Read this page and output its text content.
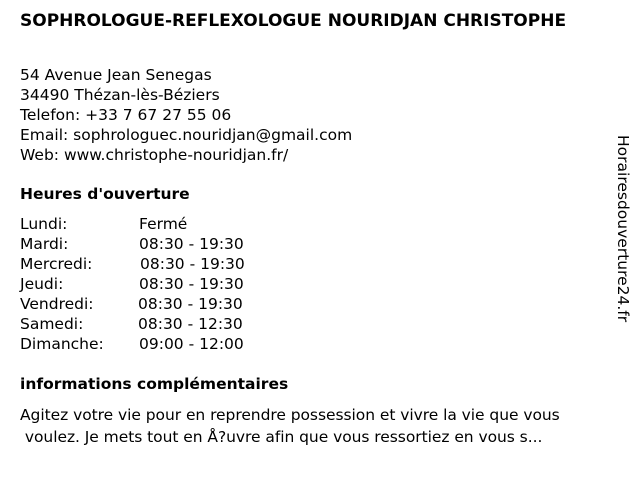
SOPHROLOGUE-REFLEXOLOGUE NOURIDJAN CHRISTOPHE
54 Avenue Jean Senegas
34490 Thézan-lès-Béziers
Telefon: +33 7 67 27 55 06
Email: sophrologuec.nouridjan@gmail.com
Web: www.christophe-nouridjan.fr/
Heures d'ouverture
Lundi:	Fermé
Mardi:	08:30 - 19:30
Mercredi:	08:30 - 19:30
Jeudi:	08:30 - 19:30
Vendredi:	08:30 - 19:30
Samedi:	08:30 - 12:30
Dimanche: 09:00 - 12:00
informations complémentaires
Agitez votre vie pour en reprendre possession et vivre la vie que vous
voulez. Je mets tout en Å?uvre afin que vous ressortiez en vous s...
Horairesdouverture24.fr
